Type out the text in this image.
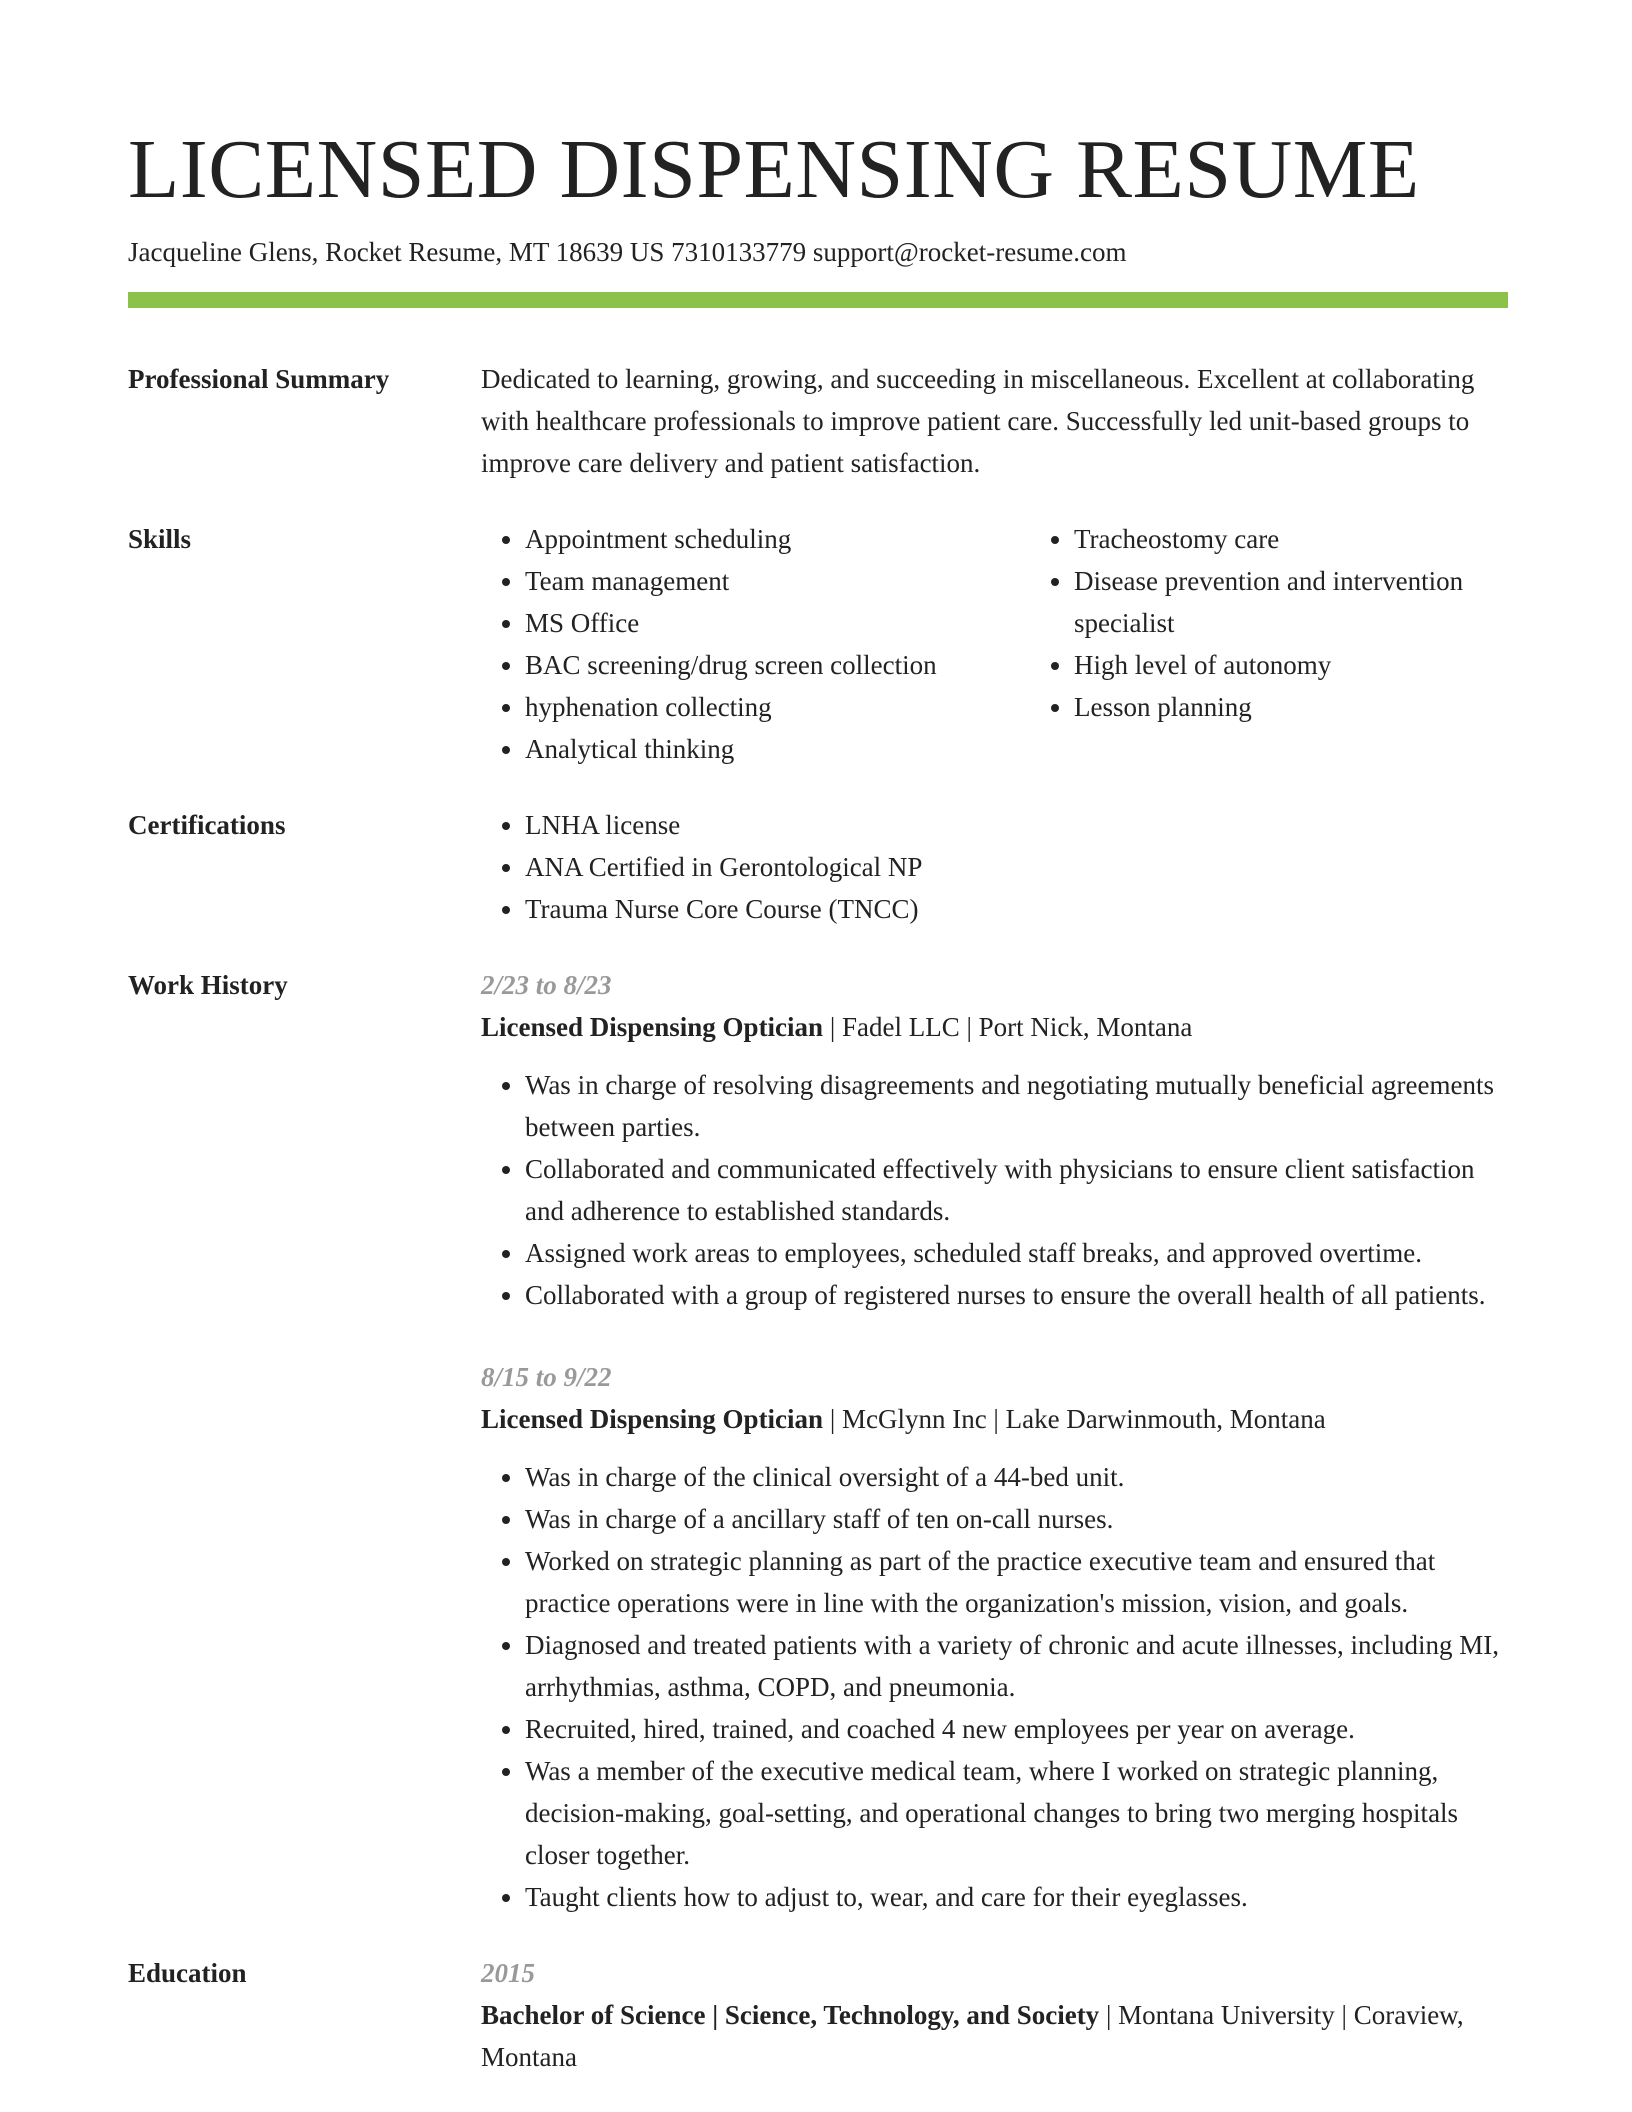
LICENSED DISPENSING RESUME
Jacqueline Glens, Rocket Resume, MT 18639 US 7310133779 support@rocket-resume.com
Professional Summary	Dedicated to learning, growing, and succeeding in miscellaneous. Excellent at collaborating with healthcare professionals to improve patient care. Successfully led unit-based groups to improve care delivery and patient satisfaction.
Skills	• Appointment scheduling
• Team management
• MS Office
• BAC screening/drug screen collection
• hyphenation collecting
• Analytical thinking
• Tracheostomy care
• Disease prevention and intervention specialist
• High level of autonomy
• Lesson planning
Certifications	• LNHA license
• ANA Certified in Gerontological NP
• Trauma Nurse Core Course (TNCC)
Work History	2/23 to 8/23
Licensed Dispensing Optician | Fadel LLC | Port Nick, Montana
• Was in charge of resolving disagreements and negotiating mutually beneficial agreements between parties.
• Collaborated and communicated effectively with physicians to ensure client satisfaction and adherence to established standards.
• Assigned work areas to employees, scheduled staff breaks, and approved overtime.
• Collaborated with a group of registered nurses to ensure the overall health of all patients.
8/15 to 9/22
Licensed Dispensing Optician | McGlynn Inc | Lake Darwinmouth, Montana
• Was in charge of the clinical oversight of a 44-bed unit.
• Was in charge of a ancillary staff of ten on-call nurses.
• Worked on strategic planning as part of the practice executive team and ensured that practice operations were in line with the organization's mission, vision, and goals.
• Diagnosed and treated patients with a variety of chronic and acute illnesses, including MI, arrhythmias, asthma, COPD, and pneumonia.
• Recruited, hired, trained, and coached 4 new employees per year on average.
• Was a member of the executive medical team, where I worked on strategic planning, decision-making, goal-setting, and operational changes to bring two merging hospitals closer together.
• Taught clients how to adjust to, wear, and care for their eyeglasses.
Education	2015
Bachelor of Science | Science, Technology, and Society | Montana University | Coraview, Montana
